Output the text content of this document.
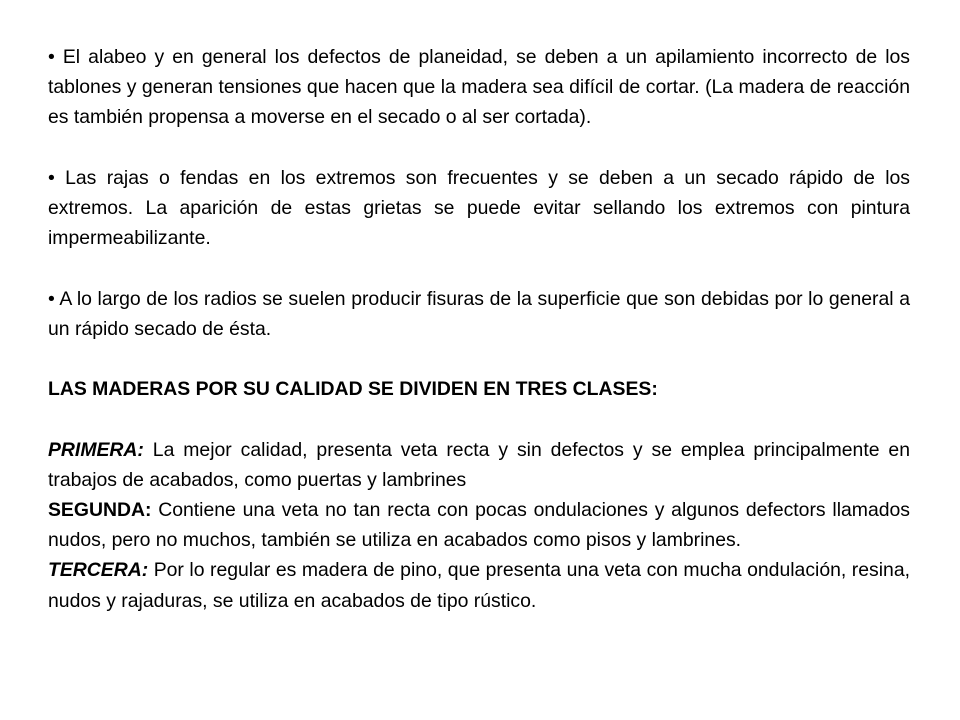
• El alabeo y en general los defectos de planeidad, se deben a un apilamiento incorrecto de los tablones y generan tensiones que hacen que la madera sea difícil de cortar. (La madera de reacción es también propensa a moverse en el secado o al ser cortada).

• Las rajas o fendas en los extremos son frecuentes y se deben a un secado rápido de los extremos. La aparición de estas grietas se puede evitar sellando los extremos con pintura impermeabilizante.

• A lo largo de los radios se suelen producir fisuras de la superficie que son debidas por lo general a un rápido secado de ésta.

LAS MADERAS POR SU CALIDAD SE DIVIDEN EN TRES CLASES:

PRIMERA: La mejor calidad, presenta veta recta y sin defectos y se emplea principalmente en trabajos de acabados, como puertas y lambrines

SEGUNDA: Contiene una veta no tan recta con pocas ondulaciones y algunos defectors llamados nudos, pero no muchos, también se utiliza en acabados como pisos y lambrines.

TERCERA: Por lo regular es madera de pino, que presenta una veta con mucha ondulación, resina, nudos y rajaduras, se utiliza en acabados de tipo rústico.
